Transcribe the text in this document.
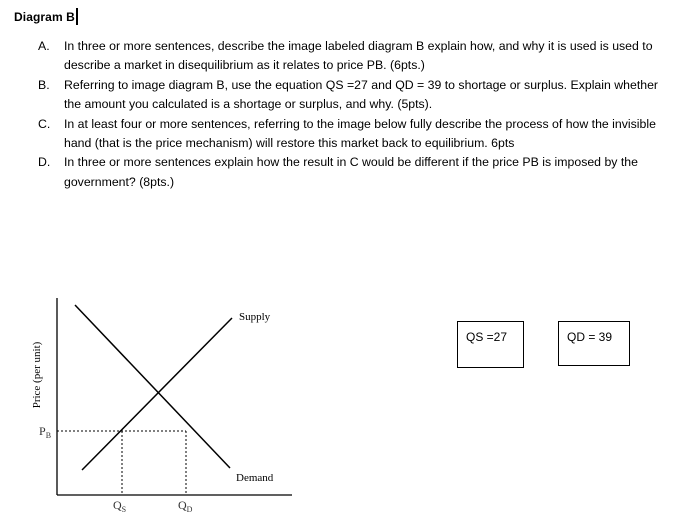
Diagram B
A.	In three or more sentences, describe the image labeled diagram B explain how, and why it is used is used to describe a market in disequilibrium as it relates to price PB. (6pts.)
B.	Referring to image diagram B, use the equation QS =27 and QD = 39 to shortage or surplus. Explain whether the amount you calculated is a shortage or surplus, and why. (5pts).
C.	In at least four or more sentences, referring to the image below fully describe the process of how the invisible hand (that is the price mechanism) will restore this market back to equilibrium. 6pts
D.	In three or more sentences explain how the result in C would be different if the price PB is imposed by the government? (8pts.)
Price (per unit)
Supply
Demand
$P_B$
$Q_S$	$Q_D$
QS =27	QD = 39
